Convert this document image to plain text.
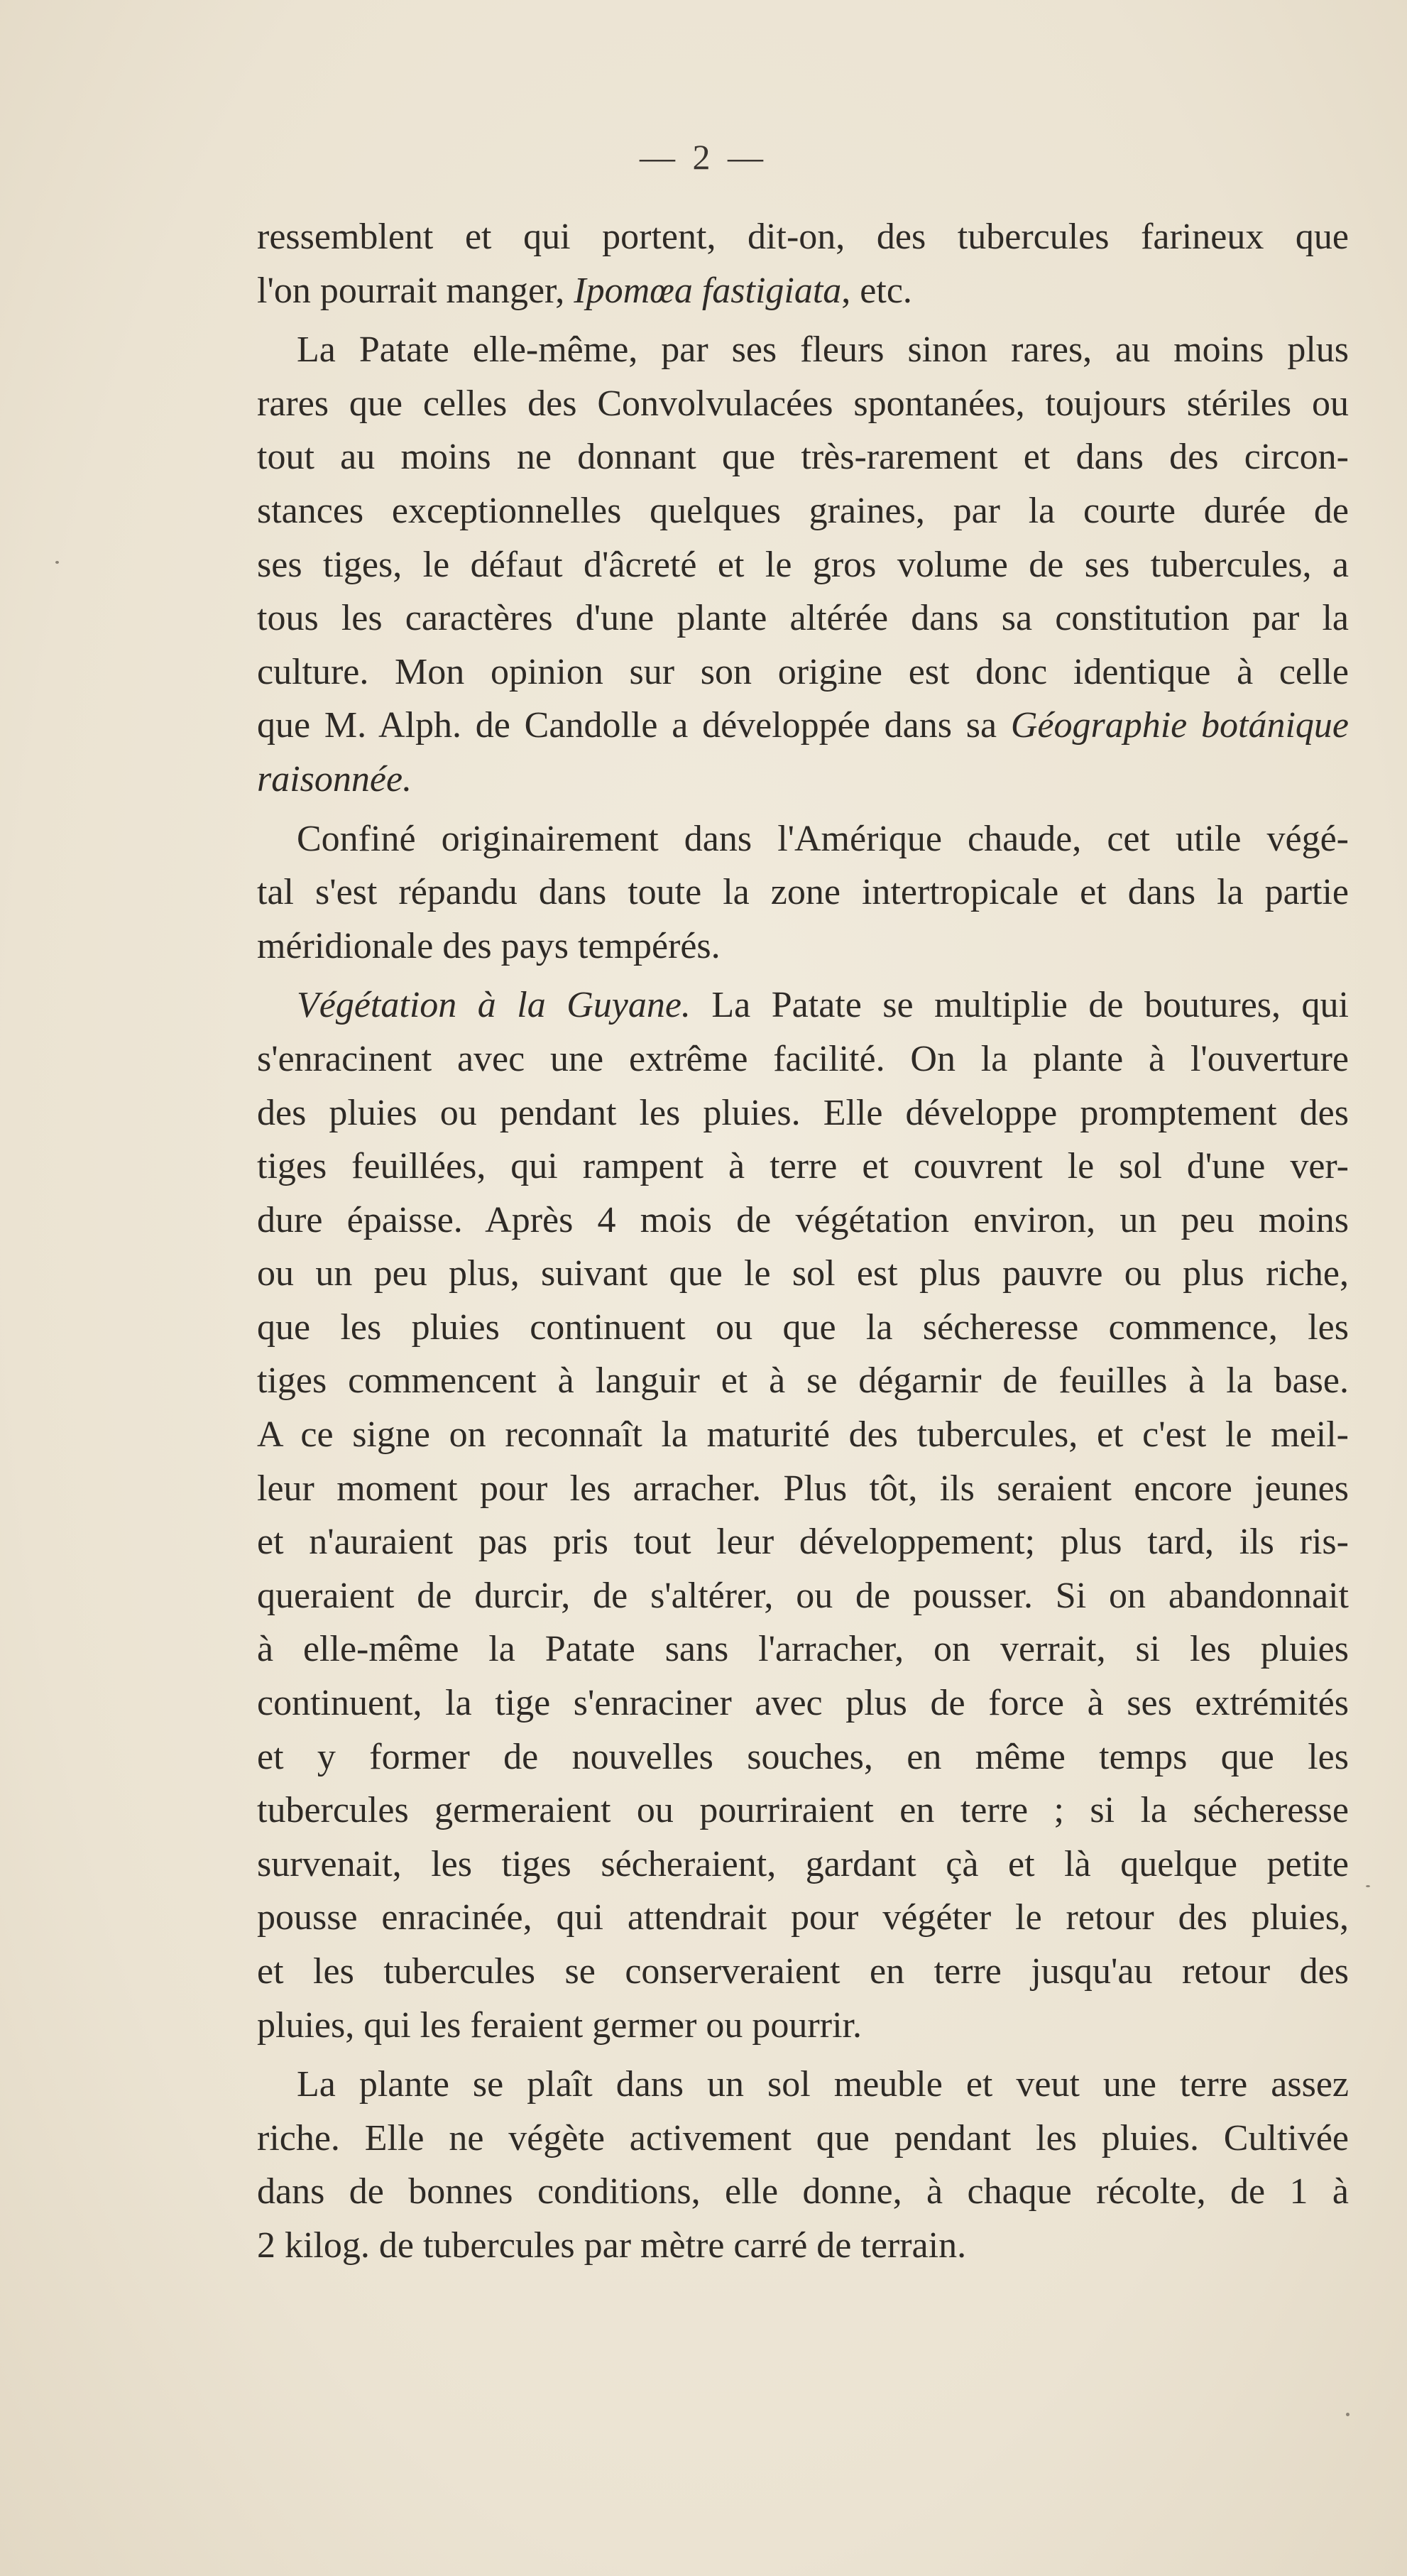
— 2 —
ressemblent et qui portent, dit-on, des tubercules farineux que
l'on pourrait manger, Ipomœa fastigiata, etc.
La Patate elle-même, par ses fleurs sinon rares, au moins plus
rares que celles des Convolvulacées spontanées, toujours stériles ou
tout au moins ne donnant que très-rarement et dans des circon-
stances exceptionnelles quelques graines, par la courte durée de
ses tiges, le défaut d'âcreté et le gros volume de ses tubercules, a
tous les caractères d'une plante altérée dans sa constitution par la
culture. Mon opinion sur son origine est donc identique à celle
que M. Alph. de Candolle a développée dans sa Géographie botánique
raisonnée.
Confiné originairement dans l'Amérique chaude, cet utile végé-
tal s'est répandu dans toute la zone intertropicale et dans la partie
méridionale des pays tempérés.
Végétation à la Guyane. La Patate se multiplie de boutures, qui
s'enracinent avec une extrême facilité. On la plante à l'ouverture
des pluies ou pendant les pluies. Elle développe promptement des
tiges feuillées, qui rampent à terre et couvrent le sol d'une ver-
dure épaisse. Après 4 mois de végétation environ, un peu moins
ou un peu plus, suivant que le sol est plus pauvre ou plus riche,
que les pluies continuent ou que la sécheresse commence, les
tiges commencent à languir et à se dégarnir de feuilles à la base.
A ce signe on reconnaît la maturité des tubercules, et c'est le meil-
leur moment pour les arracher. Plus tôt, ils seraient encore jeunes
et n'auraient pas pris tout leur développement; plus tard, ils ris-
queraient de durcir, de s'altérer, ou de pousser. Si on abandonnait
à elle-même la Patate sans l'arracher, on verrait, si les pluies
continuent, la tige s'enraciner avec plus de force à ses extrémités
et y former de nouvelles souches, en même temps que les
tubercules germeraient ou pourriraient en terre ; si la sécheresse
survenait, les tiges sécheraient, gardant çà et là quelque petite
pousse enracinée, qui attendrait pour végéter le retour des pluies,
et les tubercules se conserveraient en terre jusqu'au retour des
pluies, qui les feraient germer ou pourrir.
La plante se plaît dans un sol meuble et veut une terre assez
riche. Elle ne végète activement que pendant les pluies. Cultivée
dans de bonnes conditions, elle donne, à chaque récolte, de 1 à
2 kilog. de tubercules par mètre carré de terrain.
